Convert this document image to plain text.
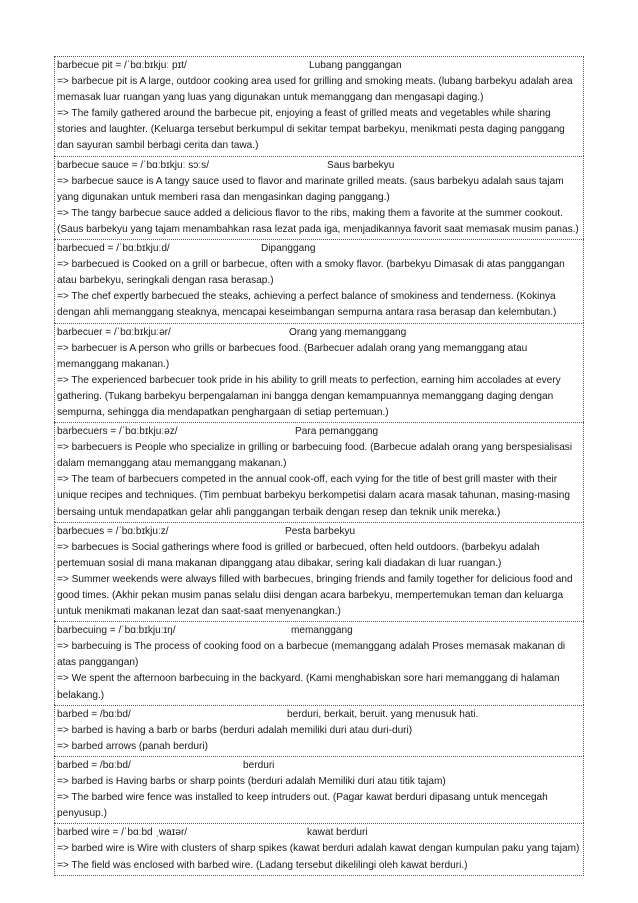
barbecue pit = /ˈbɑːbɪkjuː pɪt/	Lubang panggangan
=> barbecue pit is A large, outdoor cooking area used for grilling and smoking meats. (lubang barbekyu adalah area memasak luar ruangan yang luas yang digunakan untuk memanggang dan mengasapi daging.)
=> The family gathered around the barbecue pit, enjoying a feast of grilled meats and vegetables while sharing stories and laughter. (Keluarga tersebut berkumpul di sekitar tempat barbekyu, menikmati pesta daging panggang dan sayuran sambil berbagi cerita dan tawa.)
barbecue sauce = /ˈbɑːbɪkjuː sɔːs/	Saus barbekyu
=> barbecue sauce is A tangy sauce used to flavor and marinate grilled meats. (saus barbekyu adalah saus tajam yang digunakan untuk memberi rasa dan mengasinkan daging panggang.)
=> The tangy barbecue sauce added a delicious flavor to the ribs, making them a favorite at the summer cookout. (Saus barbekyu yang tajam menambahkan rasa lezat pada iga, menjadikannya favorit saat memasak musim panas.)
barbecued = /ˈbɑːbɪkjuːd/	Dipanggang
=> barbecued is Cooked on a grill or barbecue, often with a smoky flavor. (barbekyu Dimasak di atas panggangan atau barbekyu, seringkali dengan rasa berasap.)
=> The chef expertly barbecued the steaks, achieving a perfect balance of smokiness and tenderness. (Kokinya dengan ahli memanggang steaknya, mencapai keseimbangan sempurna antara rasa berasap dan kelembutan.)
barbecuer = /ˈbɑːbɪkjuːər/	Orang yang memanggang
=> barbecuer is A person who grills or barbecues food. (Barbecuer adalah orang yang memanggang atau memanggang makanan.)
=> The experienced barbecuer took pride in his ability to grill meats to perfection, earning him accolades at every gathering. (Tukang barbekyu berpengalaman ini bangga dengan kemampuannya memanggang daging dengan sempurna, sehingga dia mendapatkan penghargaan di setiap pertemuan.)
barbecuers = /ˈbɑːbɪkjuːəz/	Para pemanggang
=> barbecuers is People who specialize in grilling or barbecuing food. (Barbecue adalah orang yang berspesialisasi dalam memanggang atau memanggang makanan.)
=> The team of barbecuers competed in the annual cook-off, each vying for the title of best grill master with their unique recipes and techniques. (Tim pembuat barbekyu berkompetisi dalam acara masak tahunan, masing-masing bersaing untuk mendapatkan gelar ahli panggangan terbaik dengan resep dan teknik unik mereka.)
barbecues = /ˈbɑːbɪkjuːz/	Pesta barbekyu
=> barbecues is Social gatherings where food is grilled or barbecued, often held outdoors. (barbekyu adalah pertemuan sosial di mana makanan dipanggang atau dibakar, sering kali diadakan di luar ruangan.)
=> Summer weekends were always filled with barbecues, bringing friends and family together for delicious food and good times. (Akhir pekan musim panas selalu diisi dengan acara barbekyu, mempertemukan teman dan keluarga untuk menikmati makanan lezat dan saat-saat menyenangkan.)
barbecuing = /ˈbɑːbɪkjuːɪŋ/	memanggang
=> barbecuing is The process of cooking food on a barbecue (memanggang adalah Proses memasak makanan di atas panggangan)
=> We spent the afternoon barbecuing in the backyard. (Kami menghabiskan sore hari memanggang di halaman belakang.)
barbed = /bɑːbd/	berduri, berkait, beruit. yang menusuk hati.
=> barbed is having a barb or barbs (berduri adalah memiliki duri atau duri-duri)
=> barbed arrows (panah berduri)
barbed = /bɑːbd/	berduri
=> barbed is Having barbs or sharp points (berduri adalah Memiliki duri atau titik tajam)
=> The barbed wire fence was installed to keep intruders out. (Pagar kawat berduri dipasang untuk mencegah penyusup.)
barbed wire = /ˈbɑːbd ˌwaɪər/	kawat berduri
=> barbed wire is Wire with clusters of sharp spikes (kawat berduri adalah kawat dengan kumpulan paku yang tajam)
=> The field was enclosed with barbed wire. (Ladang tersebut dikelilingi oleh kawat berduri.)
